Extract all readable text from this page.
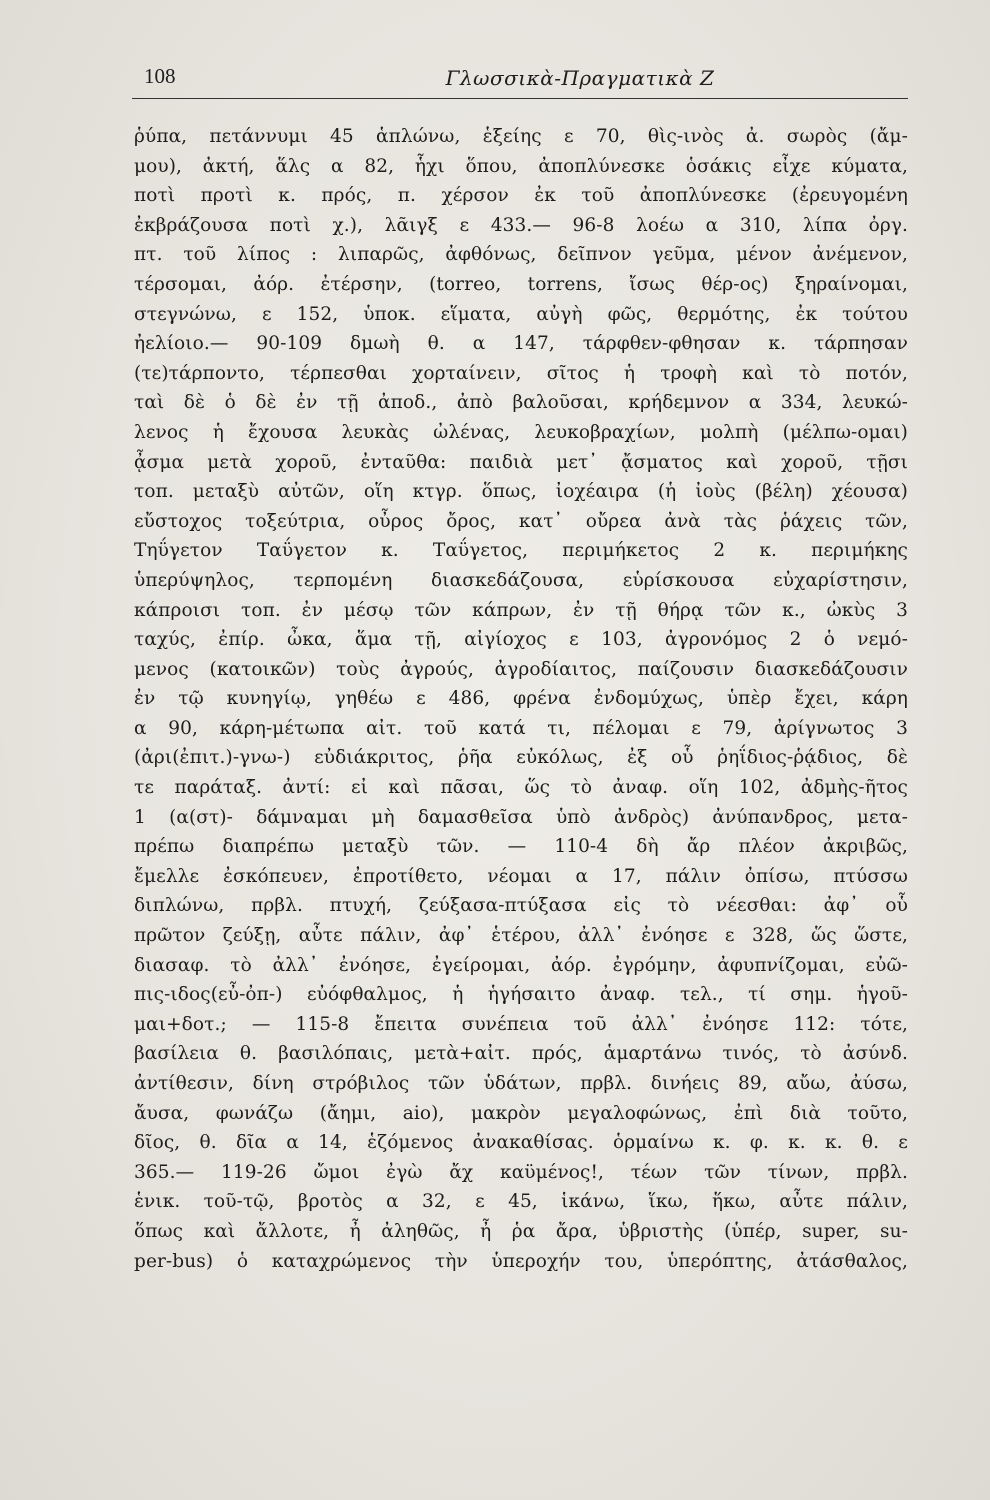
108	Γλωσσικὰ-Πραγματικὰ Ζ
ῥύπα, πετάννυμι 45 ἁπλώνω, ἑξείης ε 70, θὶς-ινὸς ἀ. σωρὸς (ἄμ-
μου), ἀκτή, ἅλς α 82, ἧχι ὅπου, ἀποπλύνεσκε ὁσάκις εἶχε κύματα,
ποτὶ προτὶ κ. πρός, π. χέρσον ἐκ τοῦ ἀποπλύνεσκε (ἐρευγομένη
ἐκβράζουσα ποτὶ χ.), λᾶιγξ ε 433.— 96-8 λοέω α 310, λίπα ὀργ.
πτ. τοῦ λίπος : λιπαρῶς, ἀφθόνως, δεῖπνον γεῦμα, μένον ἀνέμενον,
τέρσομαι, ἀόρ. ἐτέρσην, (torreo, torrens, ἴσως θέρ-ος) ξηραίνομαι,
στεγνώνω, ε 152, ὑποκ. εἵματα, αὐγὴ φῶς, θερμότης, ἐκ τούτου
ἠελίοιο.— 90-109 δμωὴ θ. α 147, τάρφθεν-φθησαν κ. τάρπησαν
(τε)τάρποντο, τέρπεσθαι χορταίνειν, σῖτος ἡ τροφὴ καὶ τὸ ποτόν,
ταὶ δὲ ὁ δὲ ἐν τῇ ἀποδ., ἀπὸ βαλοῦσαι, κρήδεμνον α 334, λευκώ-
λενος ἡ ἔχουσα λευκὰς ὠλένας, λευκοβραχίων, μολπὴ (μέλπω-ομαι)
ᾆσμα μετὰ χοροῦ, ἐνταῦθα: παιδιὰ μετ᾽ ᾄσματος καὶ χοροῦ, τῇσι
τοπ. μεταξὺ αὐτῶν, οἵη κτγρ. ὅπως, ἰοχέαιρα (ἡ ἰοὺς (βέλη) χέουσα)
εὔστοχος τοξεύτρια, οὖρος ὄρος, κατ᾽ οὔρεα ἀνὰ τὰς ῥάχεις τῶν,
Τηΰγετον Ταΰγετον κ. Ταΰγετος, περιμήκετος 2 κ. περιμήκης
ὑπερύψηλος, τερπομένη διασκεδάζουσα, εὑρίσκουσα εὐχαρίστησιν,
κάπροισι τοπ. ἐν μέσῳ τῶν κάπρων, ἐν τῇ θήρᾳ τῶν κ., ὠκὺς 3
ταχύς, ἐπίρ. ὦκα, ἅμα τῇ, αἰγίοχος ε 103, ἀγρονόμος 2 ὁ νεμό-
μενος (κατοικῶν) τοὺς ἀγρούς, ἀγροδίαιτος, παίζουσιν διασκεδάζουσιν
ἐν τῷ κυνηγίῳ, γηθέω ε 486, φρένα ἐνδομύχως, ὑπὲρ ἔχει, κάρη
α 90, κάρη-μέτωπα αἰτ. τοῦ κατά τι, πέλομαι ε 79, ἀρίγνωτος 3
(ἀρι(ἐπιτ.)-γνω-) εὐδιάκριτος, ῥῆα εὐκόλως, ἐξ οὗ ῥηΐδιος-ῥᾴδιος, δὲ
τε παράταξ. ἀντί: εἰ καὶ πᾶσαι, ὥς τὸ ἀναφ. οἵη 102, ἀδμὴς-ῆτος
1 (α(στ)- δάμναμαι μὴ δαμασθεῖσα ὑπὸ ἀνδρὸς) ἀνύπανδρος, μετα-
πρέπω διαπρέπω μεταξὺ τῶν. — 110-4 δὴ ἄρ πλέον ἀκριβῶς,
ἔμελλε ἐσκόπευεν, ἐπροτίθετο, νέομαι α 17, πάλιν ὀπίσω, πτύσσω
διπλώνω, πρβλ. πτυχή, ζεύξασα-πτύξασα εἰς τὸ νέεσθαι: ἀφ᾽ οὗ
πρῶτον ζεύξῃ, αὖτε πάλιν, ἀφ᾽ ἑτέρου, ἀλλ᾽ ἐνόησε ε 328, ὥς ὥστε,
διασαφ. τὸ ἀλλ᾽ ἐνόησε, ἐγείρομαι, ἀόρ. ἐγρόμην, ἀφυπνίζομαι, εὐῶ-
πις-ιδος(εὖ-ὀπ-) εὐόφθαλμος, ἡ ἡγήσαιτο ἀναφ. τελ., τί σημ. ἡγοῦ-
μαι+δοτ.; — 115-8 ἔπειτα συνέπεια τοῦ ἀλλ᾽ ἐνόησε 112: τότε,
βασίλεια θ. βασιλόπαις, μετὰ+αἰτ. πρός, ἁμαρτάνω τινός, τὸ ἀσύνδ.
ἀντίθεσιν, δίνη στρόβιλος τῶν ὑδάτων, πρβλ. δινήεις 89, αὔω, ἀύσω,
ἄυσα, φωνάζω (ἄημι, aio), μακρὸν μεγαλοφώνως, ἐπὶ διὰ τοῦτο,
δῖος, θ. δῖα α 14, ἑζόμενος ἀνακαθίσας. ὁρμαίνω κ. φ. κ. κ. θ. ε
365.— 119-26 ὤμοι ἐγὼ ἄχ καϋμένος!, τέων τῶν τίνων, πρβλ.
ἑνικ. τοῦ-τῷ, βροτὸς α 32, ε 45, ἱκάνω, ἵκω, ἥκω, αὖτε πάλιν,
ὅπως καὶ ἄλλοτε, ἦ ἀληθῶς, ἦ ῥα ἄρα, ὑβριστὴς (ὑπέρ, super, su-
per-bus) ὁ καταχρώμενος τὴν ὑπεροχήν του, ὑπερόπτης, ἀτάσθαλος,
